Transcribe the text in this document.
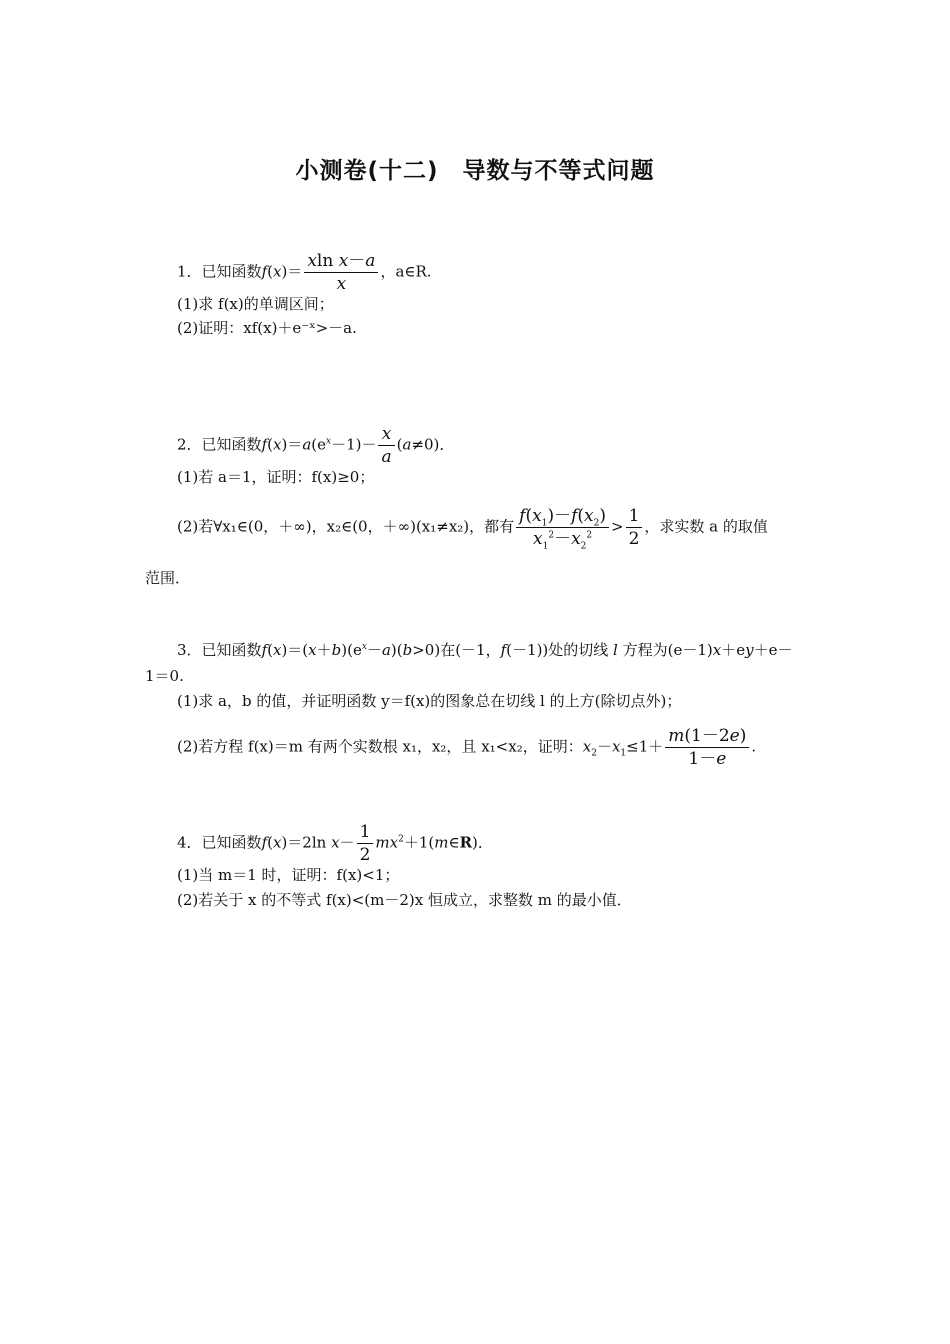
小测卷(十二)　导数与不等式问题
1．已知函数$f(x)= \frac{\text{xln x－a}}{x}$ ，a∈R.
(1)求 f(x)的单调区间；
(2)证明：xf(x)＋e⁻ˣ>－a.
2．已知函数$f(x)=a(e^x-1)- \frac{x}{a} (a\ne 0)$．
(1)若 a＝1，证明：f(x)≥0；
(2)若∀x₁∈(0，＋∞)，x₂∈(0，＋∞)(x₁≠x₂)，都有 $\frac{f(x_1)-f(x_2)}{x_1^2-x_2^2} > \frac{1}{2}$ ，求实数 a 的取值
范围．
3．已知函数$f(x)=(x+b)(e^x-a)(b>0)$在(－1，f(－1))处的切线 l 方程为(e－1)x＋ey＋e－
1＝0.
(1)求 a，b 的值，并证明函数 y＝f(x)的图象总在切线 l 的上方(除切点外)；
(2)若方程 f(x)＝m 有两个实数根 x₁，x₂，且 x₁<x₂，证明：$x_2-x_1\le 1+ \frac{m(1-2e)}{1-e}$ .
4．已知函数f(x)＝2ln $x- \frac{1}{2}$ $mx^2+1(m\in R)$．
(1)当 m＝1 时，证明：f(x)<1；
(2)若关于 x 的不等式 f(x)<(m－2)x 恒成立，求整数 m 的最小值．
